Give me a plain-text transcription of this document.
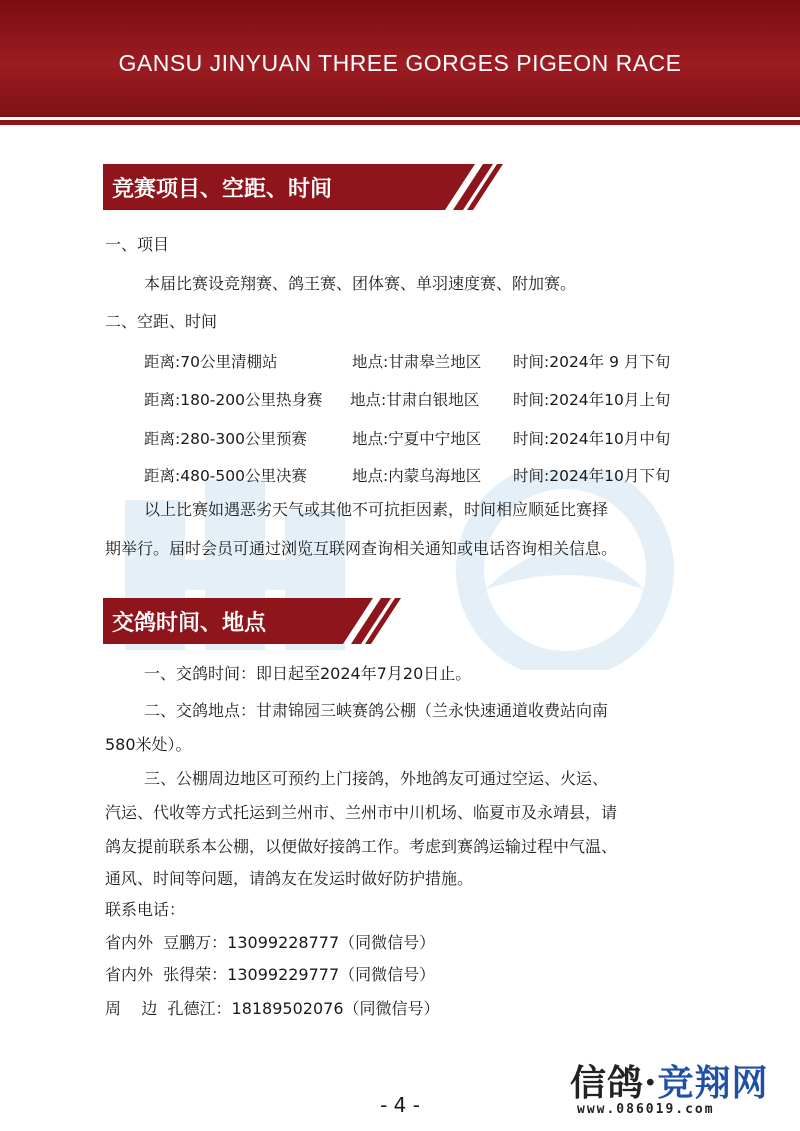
GANSU JINYUAN THREE GORGES PIGEON RACE
竞赛项目、空距、时间
一、项目
本届比赛设竞翔赛、鸽王赛、团体赛、单羽速度赛、附加赛。
二、空距、时间
距离:70公里清棚站	地点:甘肃皋兰地区 时间:2024年 9 月下旬
距离:180-200公里热身赛 地点:甘肃白银地区 时间:2024年10月上旬
距离:280-300公里预赛	地点:宁夏中宁地区 时间:2024年10月中旬
距离:480-500公里决赛	地点:内蒙乌海地区 时间:2024年10月下旬
以上比赛如遇恶劣天气或其他不可抗拒因素，时间相应顺延比赛择
期举行。届时会员可通过浏览互联网查询相关通知或电话咨询相关信息。
交鸽时间、地点
一、交鸽时间：即日起至2024年7月20日止。
二、交鸽地点：甘肃锦园三峡赛鸽公棚（兰永快速通道收费站向南
580米处）。
三、公棚周边地区可预约上门接鸽，外地鸽友可通过空运、火运、
汽运、代收等方式托运到兰州市、兰州市中川机场、临夏市及永靖县，请
鸽友提前联系本公棚，以便做好接鸽工作。考虑到赛鸽运输过程中气温、
通风、时间等问题，请鸽友在发运时做好防护措施。
联系电话：
省内外  豆鹏万：13099228777（同微信号）
省内外  张得荣：13099229777（同微信号）
周    边  孔德江：18189502076（同微信号）
- 4 -
信鸽·竞翔网
www.086019.com
